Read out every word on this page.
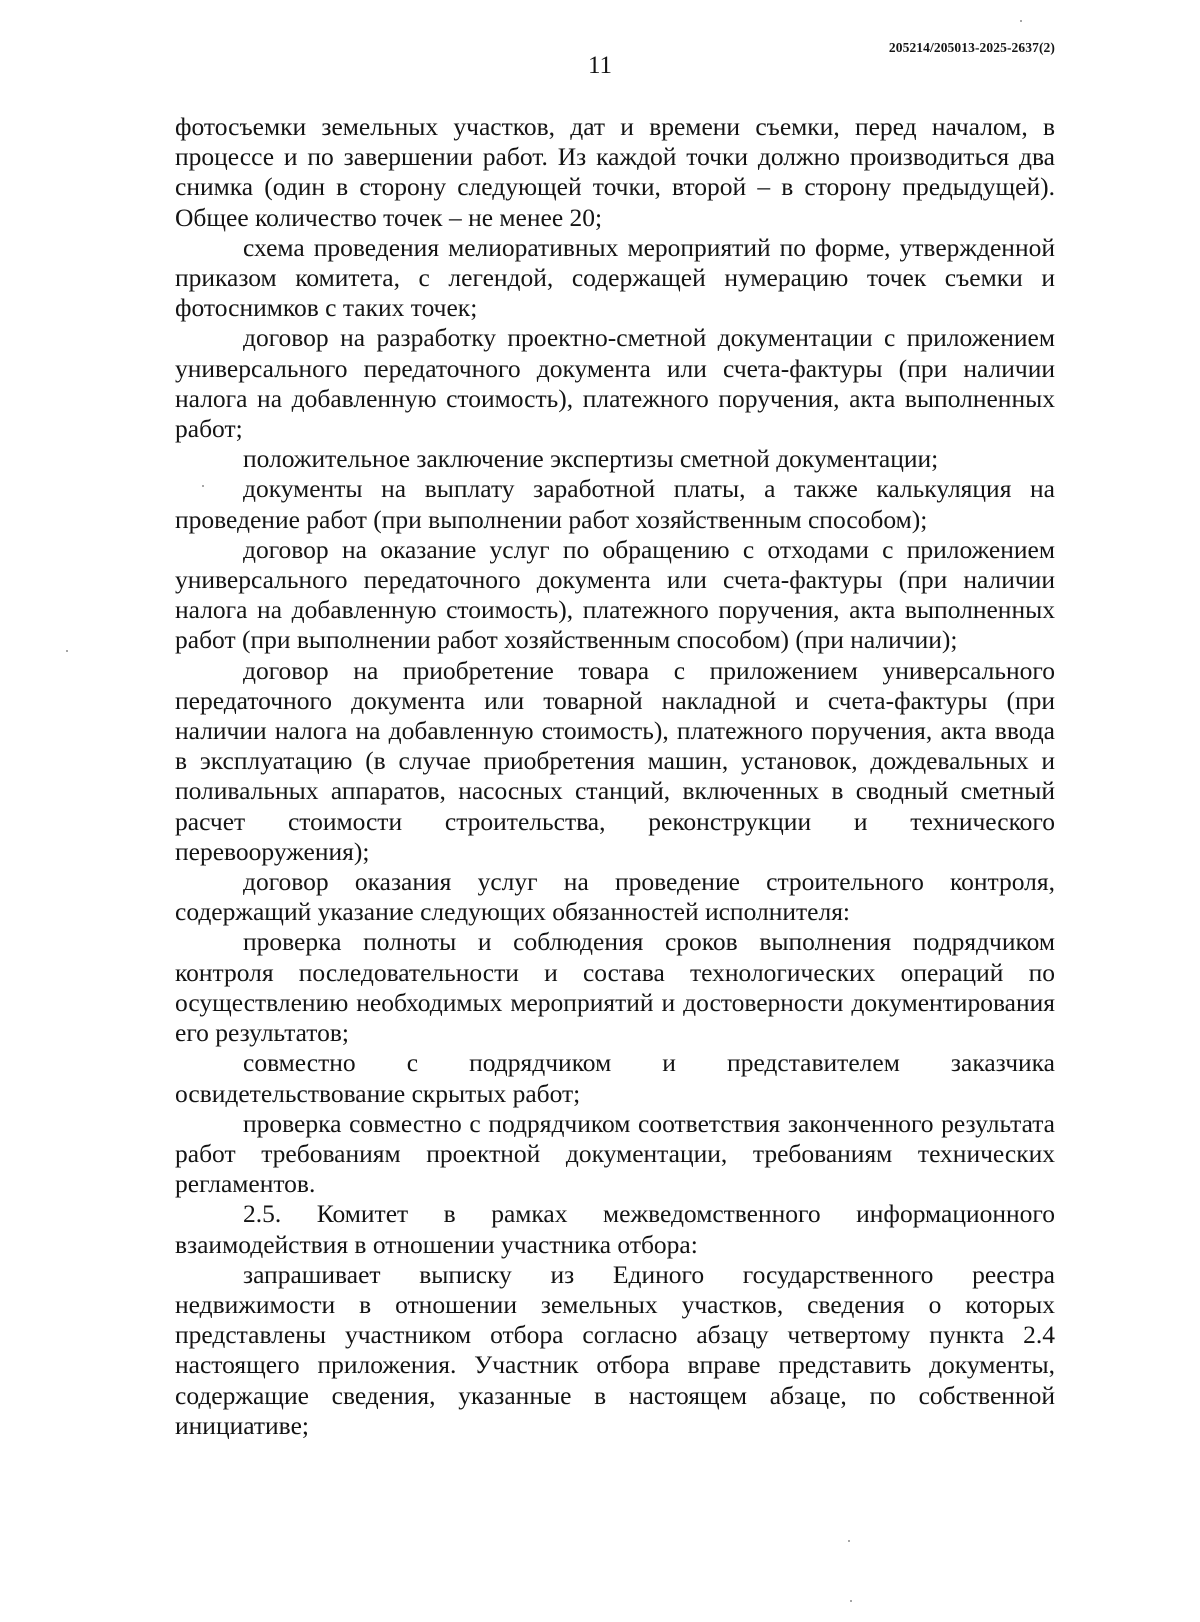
205214/205013-2025-2637(2)
11

фотосъемки земельных участков, дат и времени съемки, перед началом, в процессе и по завершении работ. Из каждой точки должно производиться два снимка (один в сторону следующей точки, второй – в сторону предыдущей). Общее количество точек – не менее 20;

схема проведения мелиоративных мероприятий по форме, утвержденной приказом комитета, с легендой, содержащей нумерацию точек съемки и фотоснимков с таких точек;

договор на разработку проектно-сметной документации с приложением универсального передаточного документа или счета-фактуры (при наличии налога на добавленную стоимость), платежного поручения, акта выполненных работ;

положительное заключение экспертизы сметной документации;

документы на выплату заработной платы, а также калькуляция на проведение работ (при выполнении работ хозяйственным способом);

договор на оказание услуг по обращению с отходами с приложением универсального передаточного документа или счета-фактуры (при наличии налога на добавленную стоимость), платежного поручения, акта выполненных работ (при выполнении работ хозяйственным способом) (при наличии);

договор на приобретение товара с приложением универсального передаточного документа или товарной накладной и счета-фактуры (при наличии налога на добавленную стоимость), платежного поручения, акта ввода в эксплуатацию (в случае приобретения машин, установок, дождевальных и поливальных аппаратов, насосных станций, включенных в сводный сметный расчет стоимости строительства, реконструкции и технического перевооружения);

договор оказания услуг на проведение строительного контроля, содержащий указание следующих обязанностей исполнителя:

проверка полноты и соблюдения сроков выполнения подрядчиком контроля последовательности и состава технологических операций по осуществлению необходимых мероприятий и достоверности документирования его результатов;

совместно с подрядчиком и представителем заказчика освидетельствование скрытых работ;

проверка совместно с подрядчиком соответствия законченного результата работ требованиям проектной документации, требованиям технических регламентов.

2.5. Комитет в рамках межведомственного информационного взаимодействия в отношении участника отбора:

запрашивает выписку из Единого государственного реестра недвижимости в отношении земельных участков, сведения о которых представлены участником отбора согласно абзацу четвертому пункта 2.4 настоящего приложения. Участник отбора вправе представить документы, содержащие сведения, указанные в настоящем абзаце, по собственной инициативе;
